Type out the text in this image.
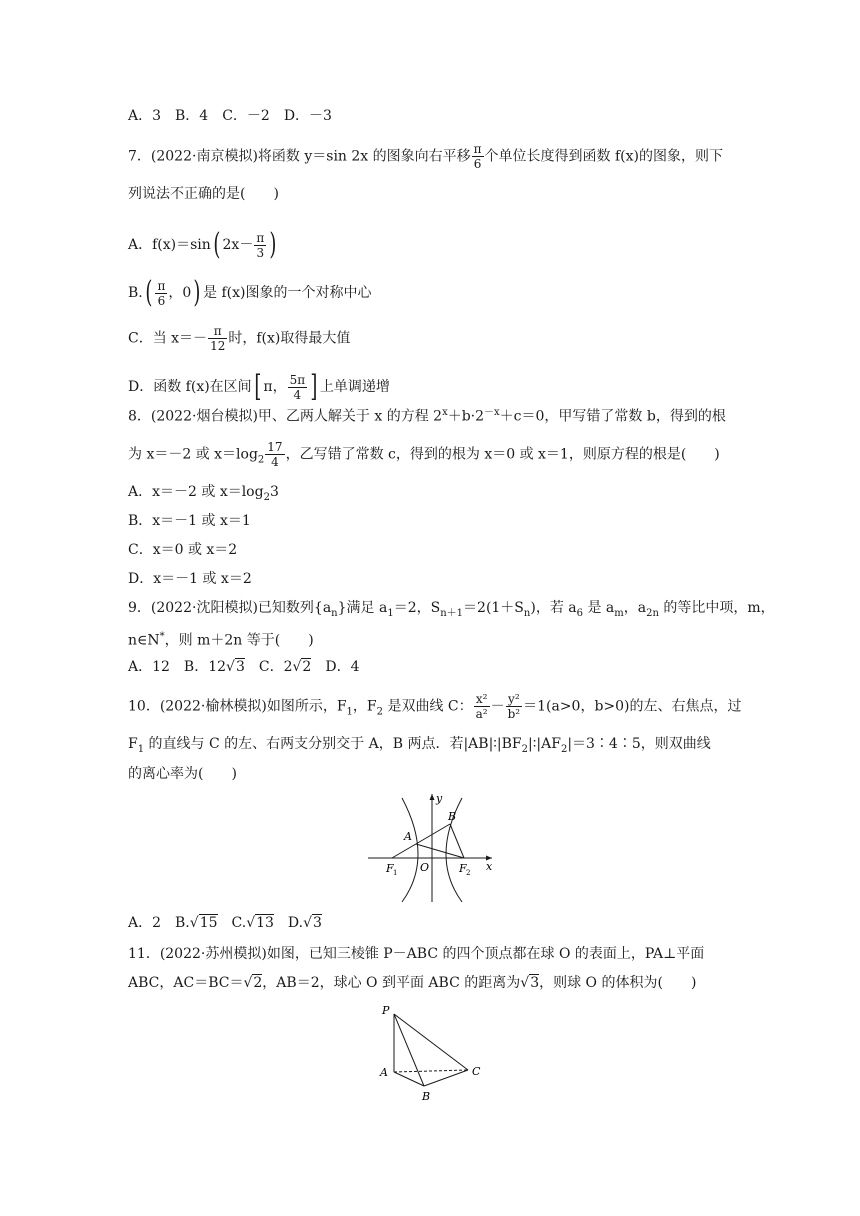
A．3　B．4　C．－2　D．－3
7．(2022·南京模拟)将函数 y＝sin 2x 的图象向右平移 $\frac{\pi}{6}$ 个单位长度得到函数 f(x)的图象，则下
列说法不正确的是(　　)
A．f(x)＝sin( $2x- \frac{\pi}{3}$ )
$B.( \frac{\pi}{6}$ ，0) 是 f(x)图象的一个对称中心
C．当 $x=- \frac{\pi}{12}$ 时，f(x)取得最大值
D．函数 f(x)在区间[ π， $\frac{5\pi}{4}$ ] 上单调递增
8．(2022·烟台模拟)甲、乙两人解关于 x 的方程 $2^x+b\cdot 2^{-x}+c=0$，甲写错了常数 b，得到的根
为 x＝－2 或 $x=\log_2 \frac{17}{4}$ ，乙写错了常数 c，得到的根为 x＝0 或 x＝1，则原方程的根是(　　)
A．x＝－2 或 $x=\log_23$
B．x＝－1 或 x＝1
C．x＝0 或 x＝2
D．x＝－1 或 x＝2
9．(2022·沈阳模拟)已知数列$\{a_n\}$满足 $a_1=2$，$S_{n+1}=2(1+S_n)$，若 $a_6$ 是 $a_m$，$a_{2n}$ 的等比中项，m，
n∈N*，则 m＋2n 等于(　　)
A．12　B．12√3　C．2√2　D．4
10．(2022·榆林模拟)如图所示，$F_1$，$F_2$ 是双曲线 C： $\frac{\text{x²}}{\text{a²}} - \frac{\text{y²}}{\text{b²}} =1(a>0$，b>0)的左、右焦点，过
$F_1$ 的直线与 C 的左、右两支分别交于 A，B 两点．若$|AB|∶|BF_2|∶|AF_2|=3∶4∶5$，则双曲线
的离心率为(　　)
y
x
A
B
O
F 1	F 2
A．2　B.√15　C.√13　D.√3
11．(2022·苏州模拟)如图，已知三棱锥 P－ABC 的四个顶点都在球 O 的表面上，PA⊥平面
ABC，AC＝BC＝√2，AB＝2，球心 O 到平面 ABC 的距离为√3，则球 O 的体积为(　　)
P
A
B
C
